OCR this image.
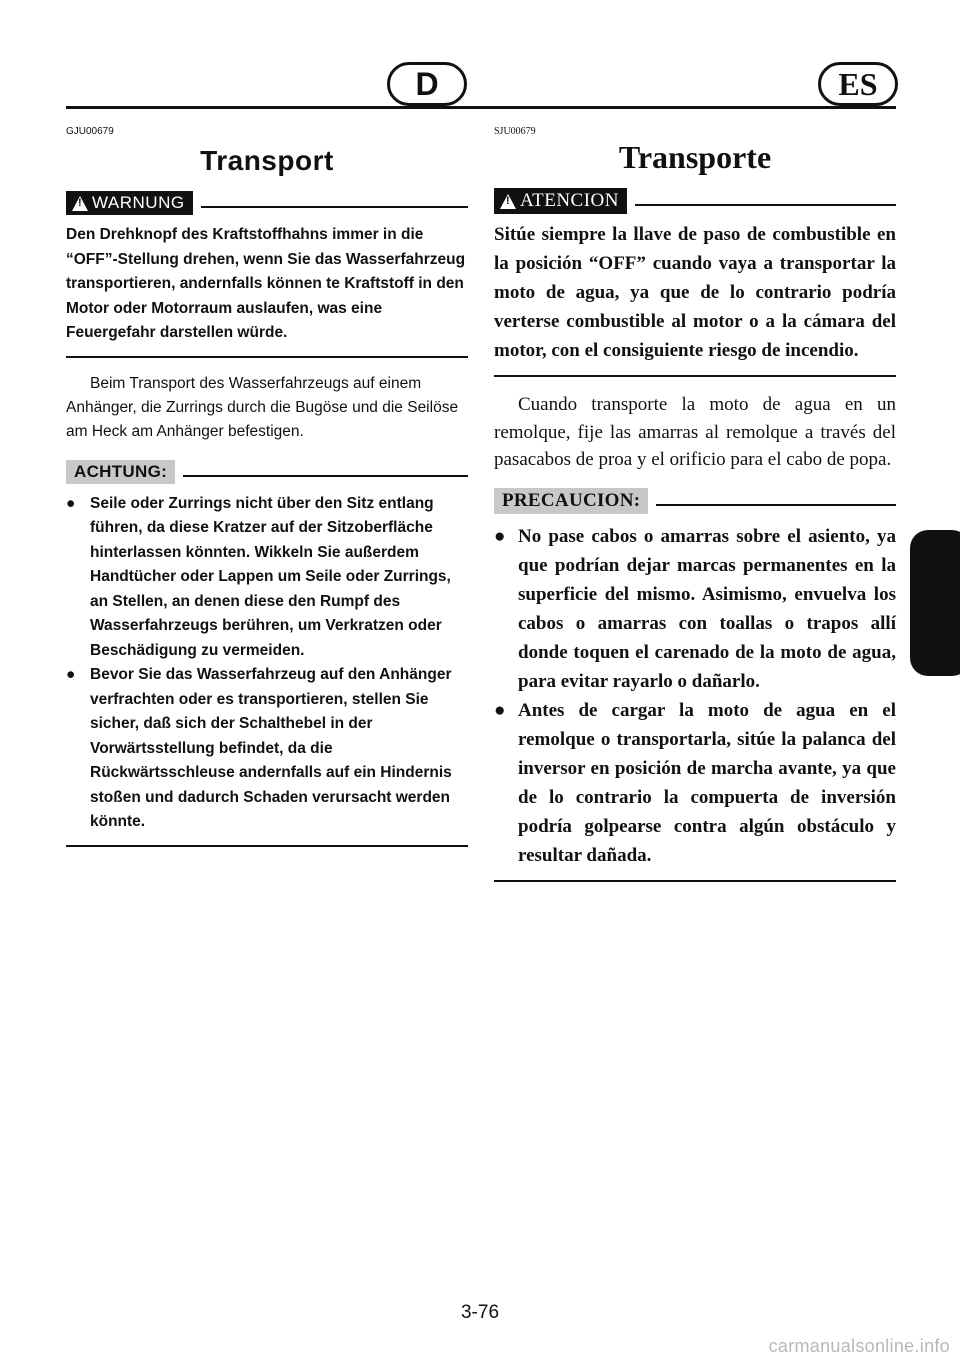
D	ES
GJU00679
Transport
!
WARNUNG
Den Drehknopf des Kraftstoffhahns immer in die “OFF”-Stellung drehen, wenn Sie das Wasserfahrzeug transportieren, andernfalls können te Kraftstoff in den Motor oder Motorraum auslaufen, was eine Feuergefahr darstellen würde.
Beim Transport des Wasserfahrzeugs auf einem Anhänger, die Zurrings durch die Bugöse und die Seilöse am Heck am Anhänger befestigen.
ACHTUNG:
● Seile oder Zurrings nicht über den Sitz entlang führen, da diese Kratzer auf der Sitzoberfläche hinterlassen könnten. Wikkeln Sie außerdem Handtücher oder Lappen um Seile oder Zurrings, an Stellen, an denen diese den Rumpf des Wasserfahrzeugs berühren, um Verkratzen oder Beschädigung zu vermeiden.
● Bevor Sie das Wasserfahrzeug auf den Anhänger verfrachten oder es transportieren, stellen Sie sicher, daß sich der Schalthebel in der Vorwärtsstellung befindet, da die Rückwärtsschleuse andernfalls auf ein Hindernis stoßen und dadurch Schaden verursacht werden könnte.
SJU00679
Transporte
!
ATENCION
Sitúe siempre la llave de paso de combustible en la posición “OFF” cuando vaya a transportar la moto de agua, ya que de lo contrario podría verterse combustible al motor o a la cámara del motor, con el consiguiente riesgo de incendio.
Cuando transporte la moto de agua en un remolque, fije las amarras al remolque a través del pasacabos de proa y el orificio para el cabo de popa.
PRECAUCION:
● No pase cabos o amarras sobre el asiento, ya que podrían dejar marcas permanentes en la superficie del mismo. Asimismo, envuelva los cabos o amarras con toallas o trapos allí donde toquen el carenado de la moto de agua, para evitar rayarlo o dañarlo.
● Antes de cargar la moto de agua en el remolque o transportarla, sitúe la palanca del inversor en posición de marcha avante, ya que de lo contrario la compuerta de inversión podría golpearse contra algún obstáculo y resultar dañada.
3-76
carmanualsonline.info
